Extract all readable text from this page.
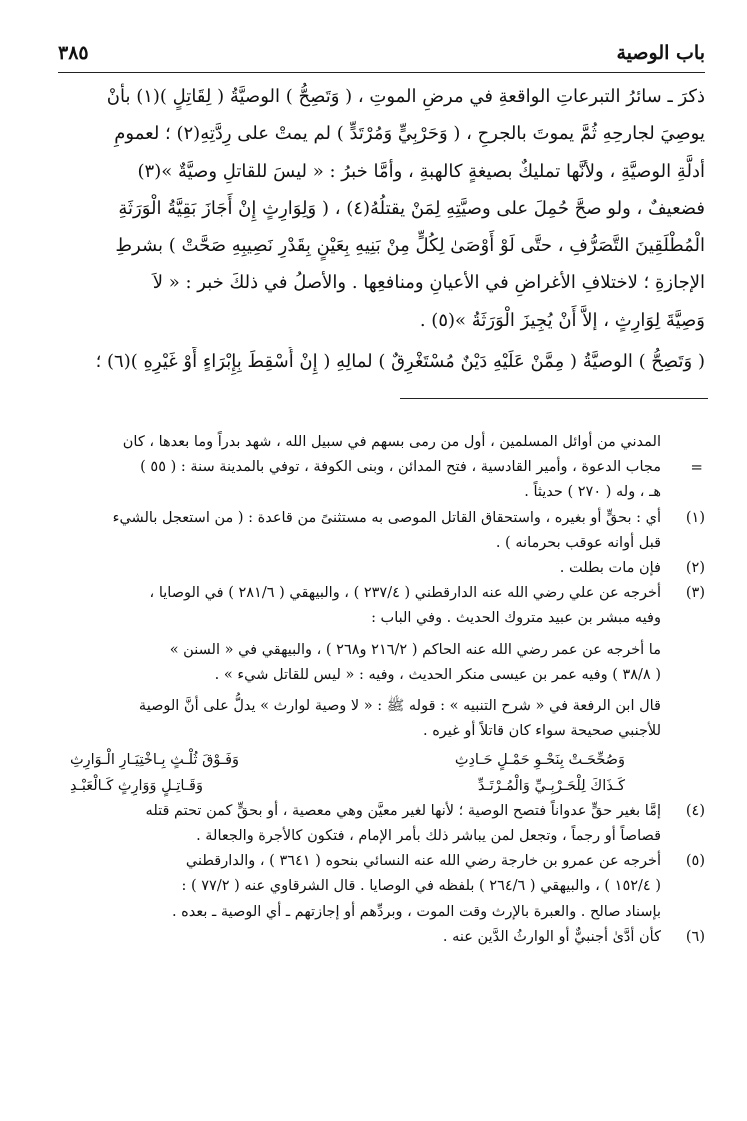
باب الوصية
٣٨٥
ذكرَ ـ سائرُ التبرعاتِ الواقعةِ في مرضِ الموتِ ، ( وَتَصِحُّ ) الوصيَّةُ ( لِقَاتِلٍ )(١) بأنْ
يوصِيَ لجارحِهِ ثُمَّ يموتَ بالجرحِ ، ( وَحَرْبِيٍّ وَمُرْتَدٍّ ) لم يمتْ على رِدَّتِهِ(٢) ؛ لعمومِ
أدلَّةِ الوصيَّةِ ، ولأنَّها تمليكٌ بصيغةٍ كالهبةِ ، وأمَّا خبرُ : « ليسَ للقاتلِ وصيَّةٌ »(٣)
فضعيفٌ ، ولو صحَّ حُمِلَ على وصيَّتِهِ لِمَنْ يقتلُهُ(٤) ، ( وَلِوَارِثٍ إِنْ أَجَازَ بَقِيَّةُ الْوَرَثَةِ
الْمُطْلَقِينَ التَّصَرُّفِ ، حتَّى لَوْ أَوْصَىٰ لِكُلٍّ مِنْ بَنِيهِ بِعَيْنٍ بِقَدْرِ نَصِيبِهِ صَحَّتْ ) بشرطِ
الإجازةِ ؛ لاختلافِ الأغراضِ في الأعيانِ ومنافعِها . والأصلُ في ذلكَ خبر : « لاَ
وَصِيَّةَ لِوَارِثٍ ، إلاَّ أَنْ يُجِيزَ الْوَرَثَةُ »(٥) .
( وَتَصِحُّ ) الوصيَّةُ ( مِمَّنْ عَلَيْهِ دَيْنٌ مُسْتَغْرِقٌ ) لمالِهِ ( إِنْ أُسْقِطَ بِإِبْرَاءٍ أَوْ غَيْرِهِ )(٦) ؛
=
المدني من أوائل المسلمين ، أول من رمى بسهم في سبيل الله ، شهد بدراً وما بعدها ، كان
مجاب الدعوة ، وأمير القادسية ، فتح المدائن ، وبنى الكوفة ، توفي بالمدينة سنة : ( ٥٥ )
هـ ، وله ( ٢٧٠ ) حديثاً .
(١)
أي : بحقٍّ أو بغيره ، واستحقاق القاتل الموصى به مستثنىً من قاعدة : ( من استعجل بالشيء
قبل أوانه عوقب بحرمانه ) .
(٢)
فإن مات بطلت .
(٣)
أخرجه عن علي رضي الله عنه الدارقطني ( ٢٣٧/٤ ) ، والبيهقي ( ٢٨١/٦ ) في الوصايا ،
وفيه مبشر بن عبيد متروك الحديث . وفي الباب :
ما أخرجه عن عمر رضي الله عنه الحاكم ( ٢١٦/٢ و٢٦٨ ) ، والبيهقي في « السنن »
( ٣٨/٨ ) وفيه عمر بن عيسى منكر الحديث ، وفيه : « ليس للقاتل شيء » .
قال ابن الرفعة في « شرح التنبيه » : قوله ﷺ : « لا وصية لوارث » يدلُّ على أنَّ الوصية
للأجنبي صحيحة سواء كان قاتلاً أو غيره .
وَصُحِّحَـتْ بِنَحْـوِ حَمْـلٍ حَـادِثِ
وَفَـوْقَ ثُلْـثٍ بِـاخْتِيَـارِ الْـوَارِثِ
كَـذَاكَ لِلْحَـرْبِـيِّ وَالْمُـرْتَـدِّ
وَقَـاتِـلٍ وَوَارِثٍ كَـالْعَبْـدِ
(٤)
إمَّا بغير حقٍّ عدواناً فتصح الوصية ؛ لأنها لغير معيَّن وهي معصية ، أو بحقٍّ كمن تحتم قتله
قصاصاً أو رجماً ، وتجعل لمن يباشر ذلك بأمر الإمام ، فتكون كالأجرة والجعالة .
(٥)
أخرجه عن عمرو بن خارجة رضي الله عنه النسائي بنحوه ( ٣٦٤١ ) ، والدارقطني
( ١٥٢/٤ ) ، والبيهقي ( ٢٦٤/٦ ) بلفظه في الوصايا . قال الشرقاوي عنه ( ٧٧/٢ ) :
بإسناد صالح . والعبرة بالإرث وقت الموت ، وبردِّهم أو إجازتهم ـ أي الوصية ـ بعده .
(٦)
كأن أدَّىٰ أجنبيٌّ أو الوارثُ الدَّين عنه .
